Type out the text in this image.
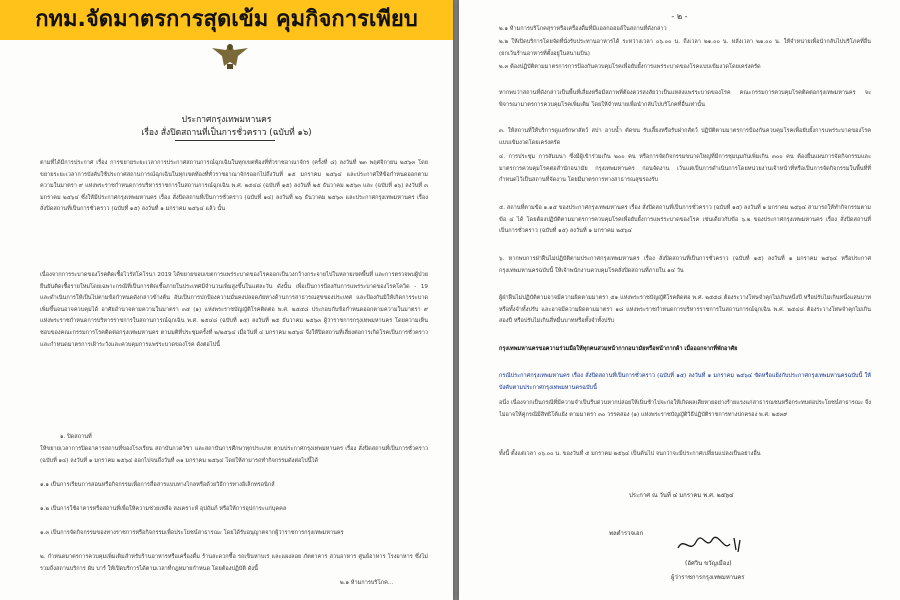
กทม.จัดมาตรการสุดเข้ม คุมกิจการเพียบ
ประกาศกรุงเทพมหานคร
เรื่อง สั่งปิดสถานที่เป็นการชั่วคราว (ฉบับที่ ๑๖)

ตามที่ได้มีการประกาศ เรื่อง การขยายระยะเวลาการประกาศสถานการณ์ฉุกเฉินในทุกเขตท้องที่ทั่วราชอาณาจักร (ครั้งที่ ๘) ลงวันที่ ๒๓ พฤศจิกายน ๒๕๖๓ โดยขยายระยะเวลาการบังคับใช้ประกาศสถานการณ์ฉุกเฉินในทุกเขตท้องที่ทั่วราชอาณาจักรออกไปถึงวันที่ ๑๕ มกราคม ๒๕๖๔ และประกาศให้ข้อกำหนดออกตามความในมาตรา ๙ แห่งพระราชกำหนดการบริหารราชการในสถานการณ์ฉุกเฉิน พ.ศ. ๒๕๔๘ (ฉบับที่ ๑๕) ลงวันที่ ๒๕ ธันวาคม ๒๕๖๓ และ (ฉบับที่ ๑๖) ลงวันที่ ๓ มกราคม ๒๕๖๔ ซึ่งให้มีประกาศกรุงเทพมหานคร เรื่อง สั่งปิดสถานที่เป็นการชั่วคราว (ฉบับที่ ๑๔) ลงวันที่ ๒๖ ธันวาคม ๒๕๖๓ และประกาศกรุงเทพมหานคร เรื่อง สั่งปิดสถานที่เป็นการชั่วคราว (ฉบับที่ ๑๕) ลงวันที่ ๑ มกราคม ๒๕๖๔ แล้ว นั้น

เนื่องจากการระบาดของโรคติดเชื้อไวรัสโคโรนา 2019 ได้ขยายขอบเขตการแพร่ระบาดของโรคออกเป็นวงกว้างกระจายไปในหลายเขตพื้นที่ และการตรวจพบผู้ป่วยยืนยันติดเชื้อรายใหม่โดยเฉพาะกรณีที่เป็นการติดเชื้อภายในประเทศมีจำนวนเพิ่มสูงขึ้นในแต่ละวัน ดังนั้น เพื่อเป็นการป้องกันการแพร่ระบาดของโรคโควิด - 19 และดำเนินการให้เป็นไปตามข้อกำหนดดังกล่าวข้างต้น อันเป็นการปกป้องความมั่นคงปลอดภัยทางด้านการสาธารณสุขของประเทศ และป้องกันมิให้เกิดการระบาดเพิ่มขึ้นจนอาจควบคุมได้ อาศัยอำนาจตามความในมาตรา ๓๕ (๑) แห่งพระราชบัญญัติโรคติดต่อ พ.ศ. ๒๕๕๘ ประกอบกับข้อกำหนดออกตามความในมาตรา ๙ แห่งพระราชกำหนดการบริหารราชการในสถานการณ์ฉุกเฉิน พ.ศ. ๒๕๔๘ (ฉบับที่ ๑๕) ลงวันที่ ๒๕ ธันวาคม ๒๕๖๓ ผู้ว่าราชการกรุงเทพมหานคร โดยความเห็นชอบของคณะกรรมการโรคติดต่อกรุงเทพมหานคร ตามมติที่ประชุมครั้งที่ ๒/๒๕๖๔ เมื่อวันที่ ๔ มกราคม ๒๕๖๔ จึงให้ปิดสถานที่เสี่ยงต่อการเกิดโรคเป็นการชั่วคราว และกำหนดมาตรการเฝ้าระวังและควบคุมการแพร่ระบาดของโรค ดังต่อไปนี้

๑. ปิดสถานที่

ให้ขยายเวลาการปิดอาคารสถานที่ของโรงเรียน สถาบันกวดวิชา และสถาบันการศึกษาทุกประเภท ตามประกาศกรุงเทพมหานคร เรื่อง สั่งปิดสถานที่เป็นการชั่วคราว (ฉบับที่ ๑๔) ลงวันที่ ๑ มกราคม ๒๕๖๔ ออกไปจนถึงวันที่ ๓๑ มกราคม ๒๕๖๔ โดยให้สามารถทำกิจกรรมดังต่อไปนี้ได้

๑.๑ เป็นการเรียนการสอนหรือกิจกรรมเพื่อการสื่อสารแบบทางไกลหรือด้วยวิธีการทางอิเล็กทรอนิกส์

๑.๒ เป็นการใช้อาคารหรือสถานที่เพื่อให้ความช่วยเหลือ สงเคราะห์ อุปถัมภ์ หรือให้การอุปการะแก่บุคคล

๑.๓ เป็นการจัดกิจกรรมของทางราชการหรือกิจกรรมเพื่อประโยชน์สาธารณะ โดยได้รับอนุญาตจากผู้ว่าราชการกรุงเทพมหานคร

๒. กำหนดมาตรการควบคุมเพิ่มเติมสำหรับร้านอาหารหรือเครื่องดื่ม ร้านสะดวกซื้อ รถเข็นหาบเร่ และแผงลอย ภัตตาคาร สวนอาหาร ศูนย์อาหาร โรงอาหาร ซึ่งไม่รวมถึงสถานบริการ ผับ บาร์ ให้เปิดบริการได้ตามเวลาที่กฎหมายกำหนด โดยต้องปฏิบัติ ดังนี้

๒.๑ ห้ามการบริโภค...

- ๒ -

๒.๑ ห้ามการบริโภคสุราหรือเครื่องดื่มที่มีแอลกอฮอล์ในสถานที่ดังกล่าว

๒.๒ ให้เปิดบริการโดยจัดที่นั่งรับประทานอาหารได้ ระหว่างเวลา ๐๖.๐๐ น. ถึงเวลา ๒๑.๐๐ น. หลังเวลา ๒๑.๐๐ น. ให้จำหน่ายเพื่อนำกลับไปบริโภคที่อื่น (ยกเว้นร้านอาหารที่ตั้งอยู่ในสนามบิน)

๒.๓ ต้องปฏิบัติตามมาตรการการป้องกันควบคุมโรคเพื่อยับยั้งการแพร่ระบาดของโรคแบบเข้มงวดโดยเคร่งครัด

หากพบว่าสถานที่ดังกล่าวเป็นพื้นที่เสี่ยงหรือมีสภาพที่ต้องควรสงสัยว่าเป็นแหล่งแพร่ระบาดของโรค คณะกรรมการควบคุมโรคติดต่อกรุงเทพมหานคร จะพิจารณามาตรการควบคุมโรคเพิ่มเติม โดยให้จำหน่ายเพื่อนำกลับไปบริโภคที่อื่นเท่านั้น

๓. ให้สถานที่ให้บริการดูแลรักษาสัตว์ สปา อาบน้ำ ตัดขน รับเลี้ยงหรือรับฝากสัตว์ ปฏิบัติตามมาตรการป้องกันควบคุมโรคเพื่อยับยั้งการแพร่ระบาดของโรคแบบเข้มงวดโดยเคร่งครัด

๔. การประชุม การสัมมนา ซึ่งมีผู้เข้าร่วมเกิน ๒๐๐ คน หรือการจัดกิจกรรมขนาดใหญ่ที่มีการชุมนุมกันเพิ่มเกิน ๓๐๐ คน ต้องยื่นแผนการจัดกิจกรรมและมาตรการควบคุมโรคต่อสำนักอนามัย กรุงเทพมหานคร ก่อนจัดงาน เว้นแต่เป็นการดำเนินการโดยหน่วยงานเจ้าหน้าที่หรือเป็นการจัดกิจกรรมในพื้นที่ที่กำหนดไว้เป็นสถานที่จัดงาน โดยมีมาตรการทางสาธารณสุขรองรับ

๕. สถานที่ตามข้อ ๑.๑๕ ของประกาศกรุงเทพมหานคร เรื่อง สั่งปิดสถานที่เป็นการชั่วคราว (ฉบับที่ ๑๕) ลงวันที่ ๑ มกราคม ๒๕๖๔ สามารถให้ทำกิจกรรมตามข้อ ๔ ได้ โดยต้องปฏิบัติตามมาตรการควบคุมโรคเพื่อยับยั้งการแพร่ระบาดของโรค เช่นเดียวกับข้อ ๖.๒ ของประกาศกรุงเทพมหานคร เรื่อง สั่งปิดสถานที่เป็นการชั่วคราว (ฉบับที่ ๑๕) ลงวันที่ ๑ มกราคม ๒๕๖๔

๖. หากพบการฝ่าฝืนไม่ปฏิบัติตามประกาศกรุงเทพมหานคร เรื่อง สั่งปิดสถานที่เป็นการชั่วคราว (ฉบับที่ ๑๕) ลงวันที่ ๑ มกราคม ๒๕๖๔ หรือประกาศกรุงเทพมหานครฉบับนี้ ให้เจ้าพนักงานควบคุมโรคสั่งปิดสถานที่ภายใน ๑๔ วัน

ผู้ฝ่าฝืนไม่ปฏิบัติตามอาจมีความผิดตามมาตรา ๕๑ แห่งพระราชบัญญัติโรคติดต่อ พ.ศ. ๒๕๕๘ ต้องระวางโทษจำคุกไม่เกินหนึ่งปี หรือปรับไม่เกินหนึ่งแสนบาท หรือทั้งจำทั้งปรับ และอาจมีความผิดตามมาตรา ๑๘ แห่งพระราชกำหนดการบริหารราชการในสถานการณ์ฉุกเฉิน พ.ศ. ๒๕๔๘ ต้องระวางโทษจำคุกไม่เกินสองปี หรือปรับไม่เกินสี่หมื่นบาทหรือทั้งจำทั้งปรับ

กรุงเทพมหานครขอความร่วมมือให้ทุกคนสวมหน้ากากอนามัยหรือหน้ากากผ้า เมื่อออกจากที่พักอาศัย

กรณีประกาศกรุงเทพมหานคร เรื่อง สั่งปิดสถานที่เป็นการชั่วคราว (ฉบับที่ ๑๕) ลงวันที่ ๑ มกราคม ๒๕๖๔ ขัดหรือแย้งกับประกาศกรุงเทพมหานครฉบับนี้ ให้บังคับตามประกาศกรุงเทพมหานครฉบับนี้

อนึ่ง เนื่องจากเป็นกรณีที่มีความจำเป็นรีบด่วนหากปล่อยให้เนิ่นช้าไปจะก่อให้เกิดผลเสียหายอย่างร้ายแรงแก่สาธารณชนหรือกระทบต่อประโยชน์สาธารณะ จึงไม่อาจให้คู่กรณีมีสิทธิโต้แย้ง ตามมาตรา ๓๐ วรรคสอง (๑) แห่งพระราชบัญญัติวิธีปฏิบัติราชการทางปกครอง พ.ศ. ๒๕๓๙

ทั้งนี้ ตั้งแต่เวลา ๐๖.๐๐ น. ของวันที่ ๕ มกราคม ๒๕๖๔ เป็นต้นไป จนกว่าจะมีประกาศเปลี่ยนแปลงเป็นอย่างอื่น

ประกาศ ณ วันที่ ๔ มกราคม พ.ศ. ๒๕๖๔
พลตำรวจเอก
(อัศวิน ขวัญเมือง)
ผู้ว่าราชการกรุงเทพมหานคร
